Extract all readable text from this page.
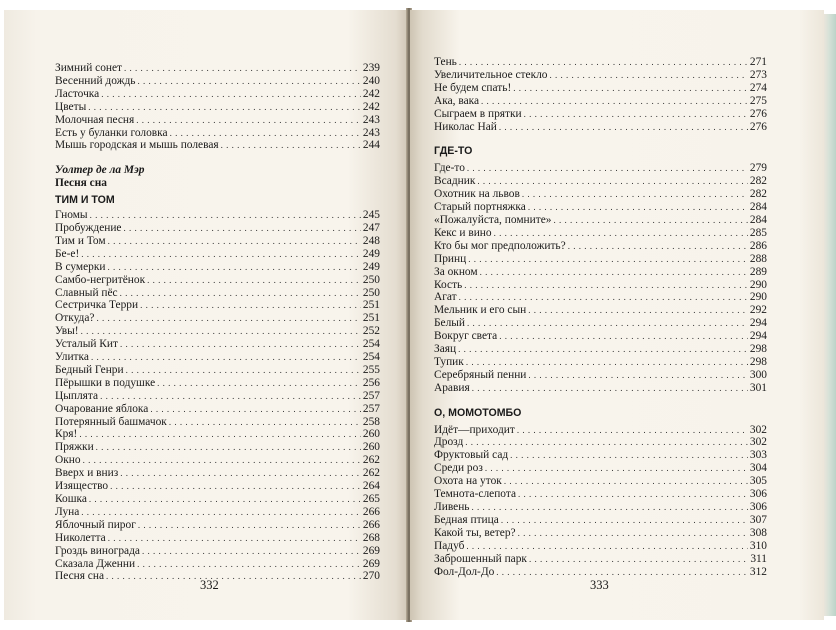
Зимний сонет . . .	239
Весенний дождь . . .	240
Ласточка . . .	242
Цветы . . .	242
Молочная песня . . .	243
Есть у буланки головка . . .	243
Мышь городская и мышь полевая . . .	244
Уолтер де ла Мэр
Песня сна
ТИМ И ТОМ
Гномы . . .	245
Пробуждение . . .	247
Тим и Том . . .	248
Бе-е! . . .	249
В сумерки . . .	249
Самбо-негритёнок . . .	250
Славный пёс . . .	250
Сестричка Терри . . .	251
Откуда? . . .	251
Увы! . . .	252
Усталый Кит . . .	254
Улитка . . .	254
Бедный Генри . . .	255
Пёрышки в подушке . . .	256
Цыплята . . .	257
Очарование яблока . . .	257
Потерянный башмачок . . .	258
Кря! . . .	260
Пряжки . . .	260
Окно . . .	262
Вверх и вниз . . .	262
Изящество . . .	264
Кошка . . .	265
Луна . . .	266
Яблочный пирог . . .	266
Николетта . . .	268
Гроздь винограда . . .	269
Сказала Дженни . . .	269
Песня сна . . .	270
332
Тень . . .	271
Увеличительное стекло . . .	273
Не будем спать! . . .	274
Ака, вака . . .	275
Сыграем в прятки . . .	276
Николас Най . . .	276
ГДЕ-ТО
Где-то . . .	279
Всадник . . .	282
Охотник на львов . . .	282
Старый портняжка . . .	284
«Пожалуйста, помните» . . .	284
Кекс и вино . . .	285
Кто бы мог предположить? . . .	286
Принц . . .	288
За окном . . .	289
Кость . . .	290
Агат . . .	290
Мельник и его сын . . .	292
Белый . . .	294
Вокруг света . . .	294
Заяц . . .	298
Тупик . . .	298
Серебряный пенни . . .	300
Аравия . . .	301
О, МОМОТОМБО
Идёт—приходит . . .	302
Дрозд . . .	302
Фруктовый сад . . .	303
Среди роз . . .	304
Охота на уток . . .	305
Темнота-слепота . . .	306
Ливень . . .	306
Бедная птица . . .	307
Какой ты, ветер? . . .	308
Падуб . . .	310
Заброшенный парк . . .	311
Фол-Дол-До . . .	312
333
